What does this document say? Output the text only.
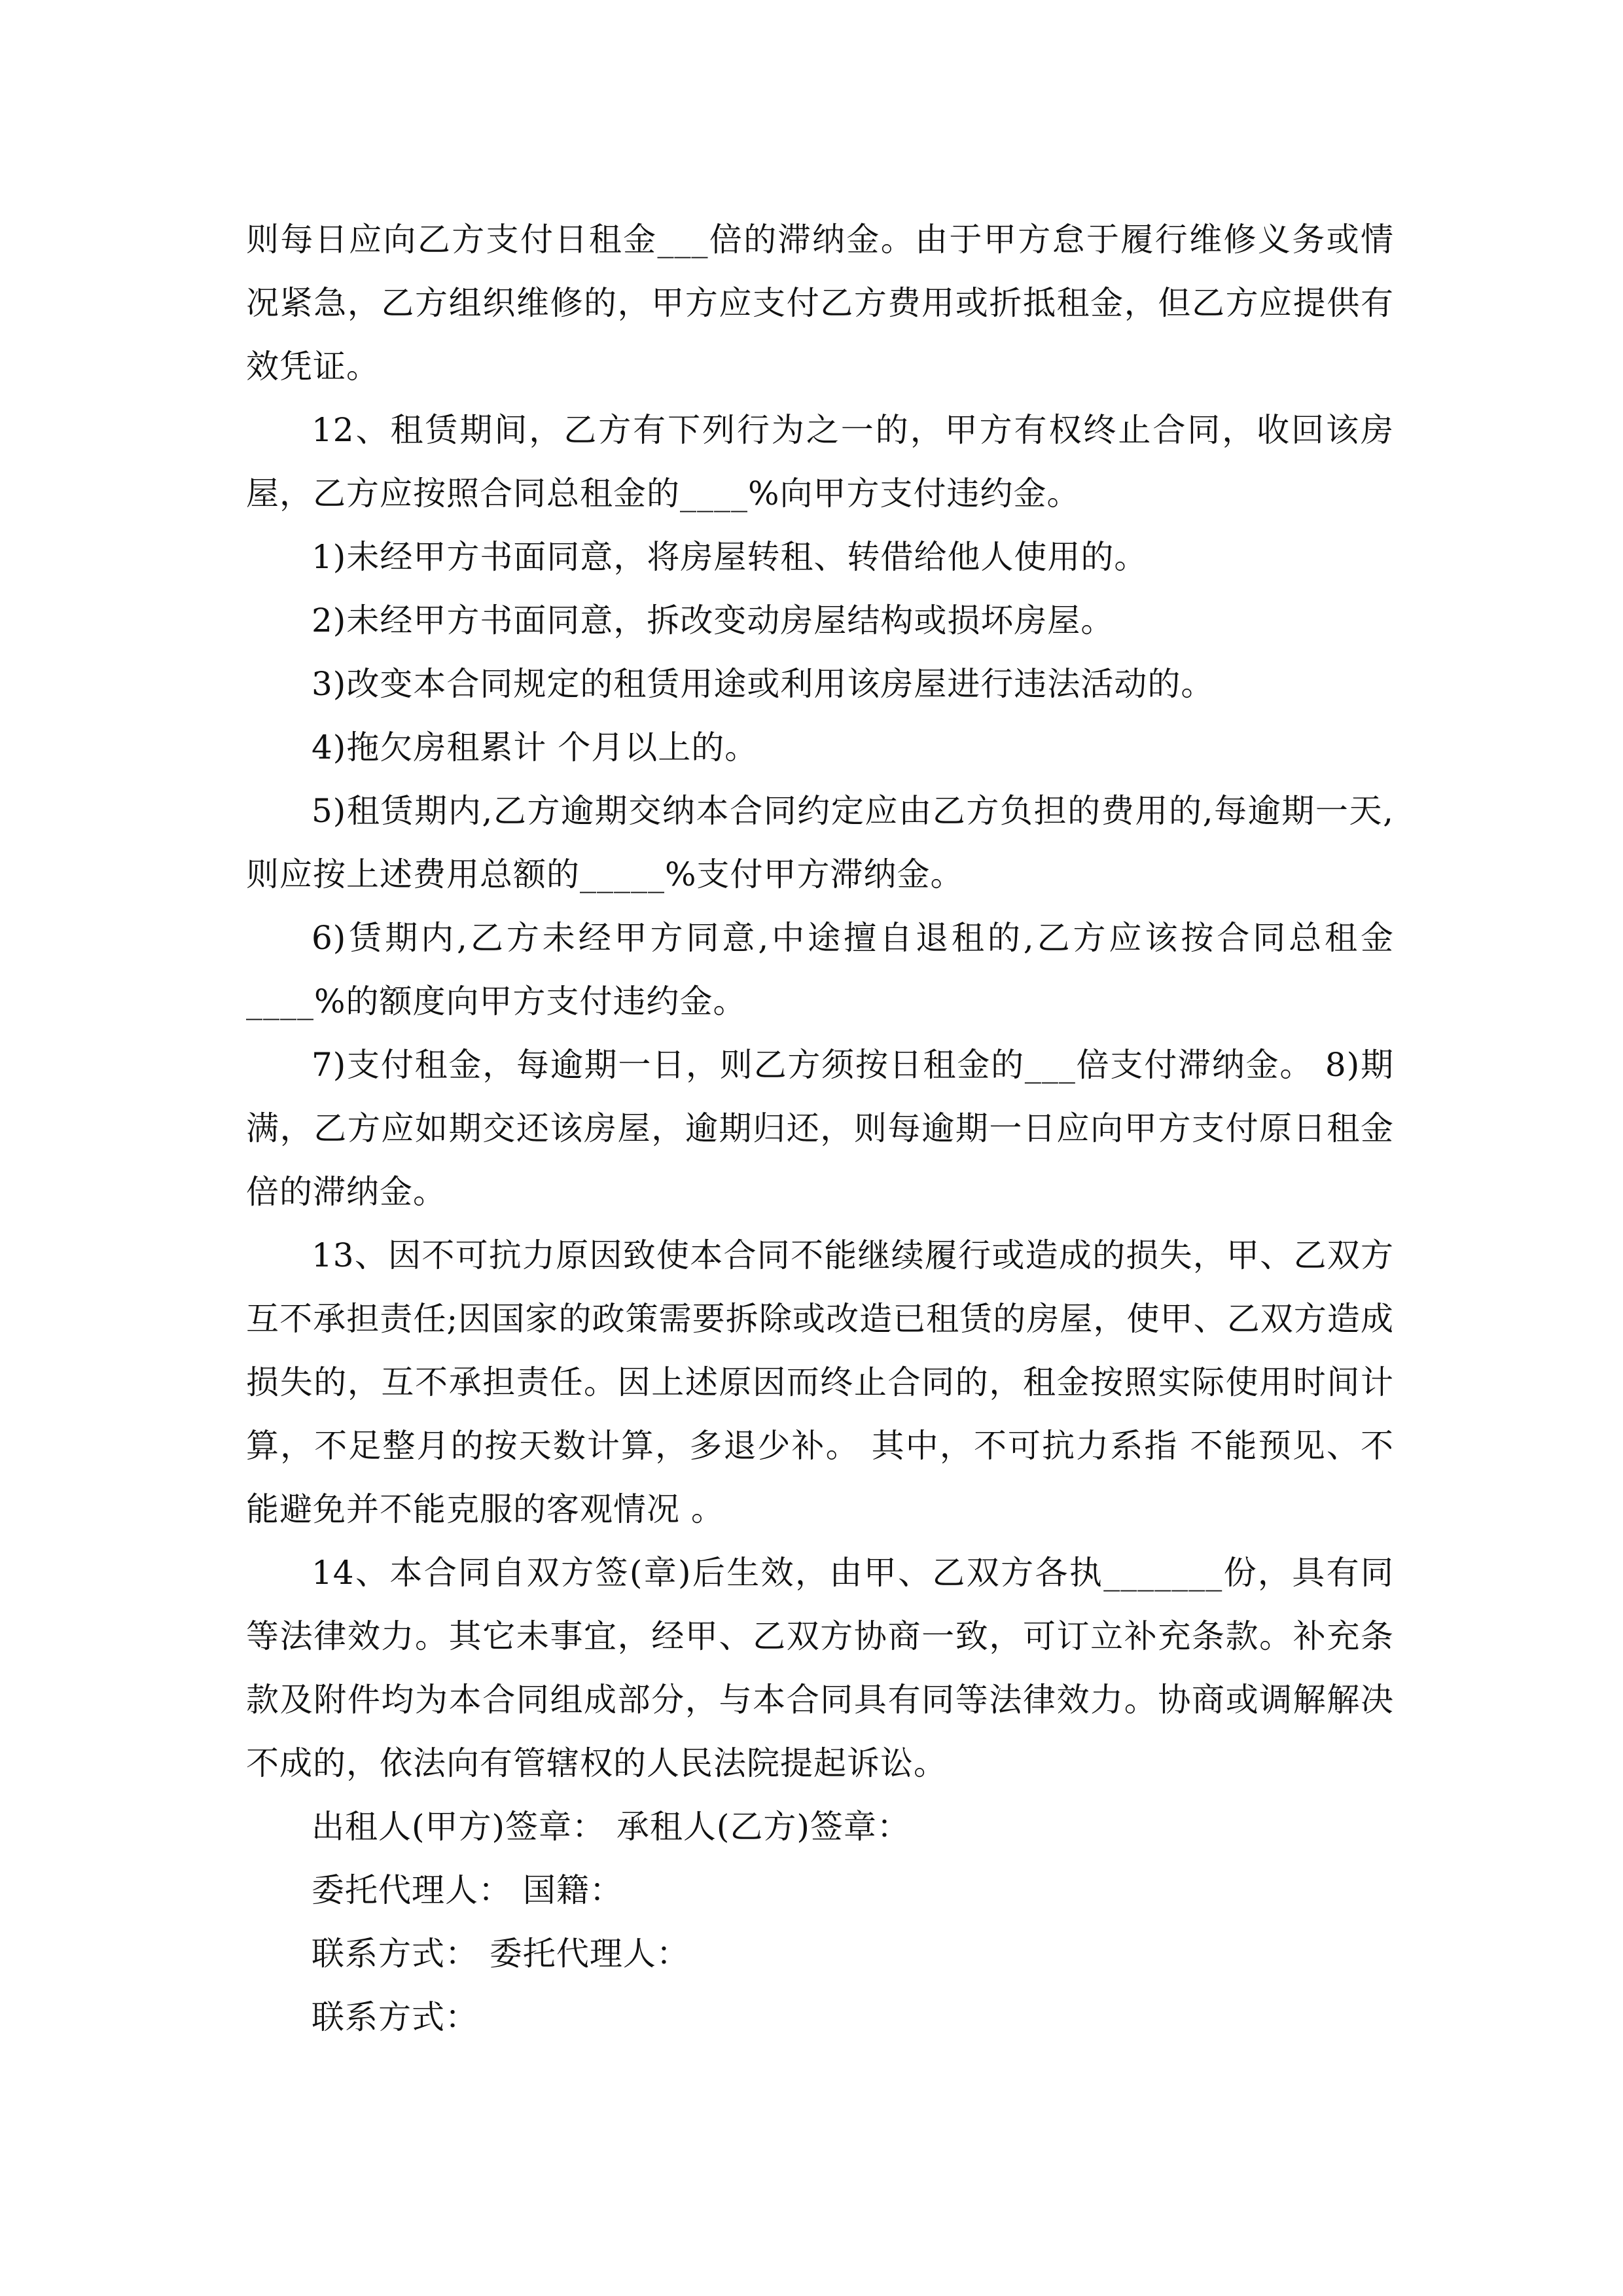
则每日应向乙方支付日租金___倍的滞纳金。由于甲方怠于履行维修义务或情况紧急，乙方组织维修的，甲方应支付乙方费用或折抵租金，但乙方应提供有效凭证。

12、租赁期间，乙方有下列行为之一的，甲方有权终止合同，收回该房屋，乙方应按照合同总租金的____%向甲方支付违约金。

1)未经甲方书面同意，将房屋转租、转借给他人使用的。

2)未经甲方书面同意，拆改变动房屋结构或损坏房屋。

3)改变本合同规定的租赁用途或利用该房屋进行违法活动的。

4)拖欠房租累计 个月以上的。

5)租赁期内,乙方逾期交纳本合同约定应由乙方负担的费用的,每逾期一天,则应按上述费用总额的_____%支付甲方滞纳金。

6)赁期内,乙方未经甲方同意,中途擅自退租的,乙方应该按合同总租金____%的额度向甲方支付违约金。

7)支付租金，每逾期一日，则乙方须按日租金的___倍支付滞纳金。 8)期满，乙方应如期交还该房屋，逾期归还，则每逾期一日应向甲方支付原日租金倍的滞纳金。

13、因不可抗力原因致使本合同不能继续履行或造成的损失，甲、乙双方互不承担责任;因国家的政策需要拆除或改造已租赁的房屋，使甲、乙双方造成损失的，互不承担责任。因上述原因而终止合同的，租金按照实际使用时间计算，不足整月的按天数计算，多退少补。 其中，不可抗力系指 不能预见、不能避免并不能克服的客观情况 。

14、本合同自双方签(章)后生效，由甲、乙双方各执_______份，具有同等法律效力。其它未事宜，经甲、乙双方协商一致，可订立补充条款。补充条款及附件均为本合同组成部分，与本合同具有同等法律效力。协商或调解解决不成的，依法向有管辖权的人民法院提起诉讼。

出租人(甲方)签章： 承租人(乙方)签章：

委托代理人： 国籍：

联系方式： 委托代理人：

联系方式：
